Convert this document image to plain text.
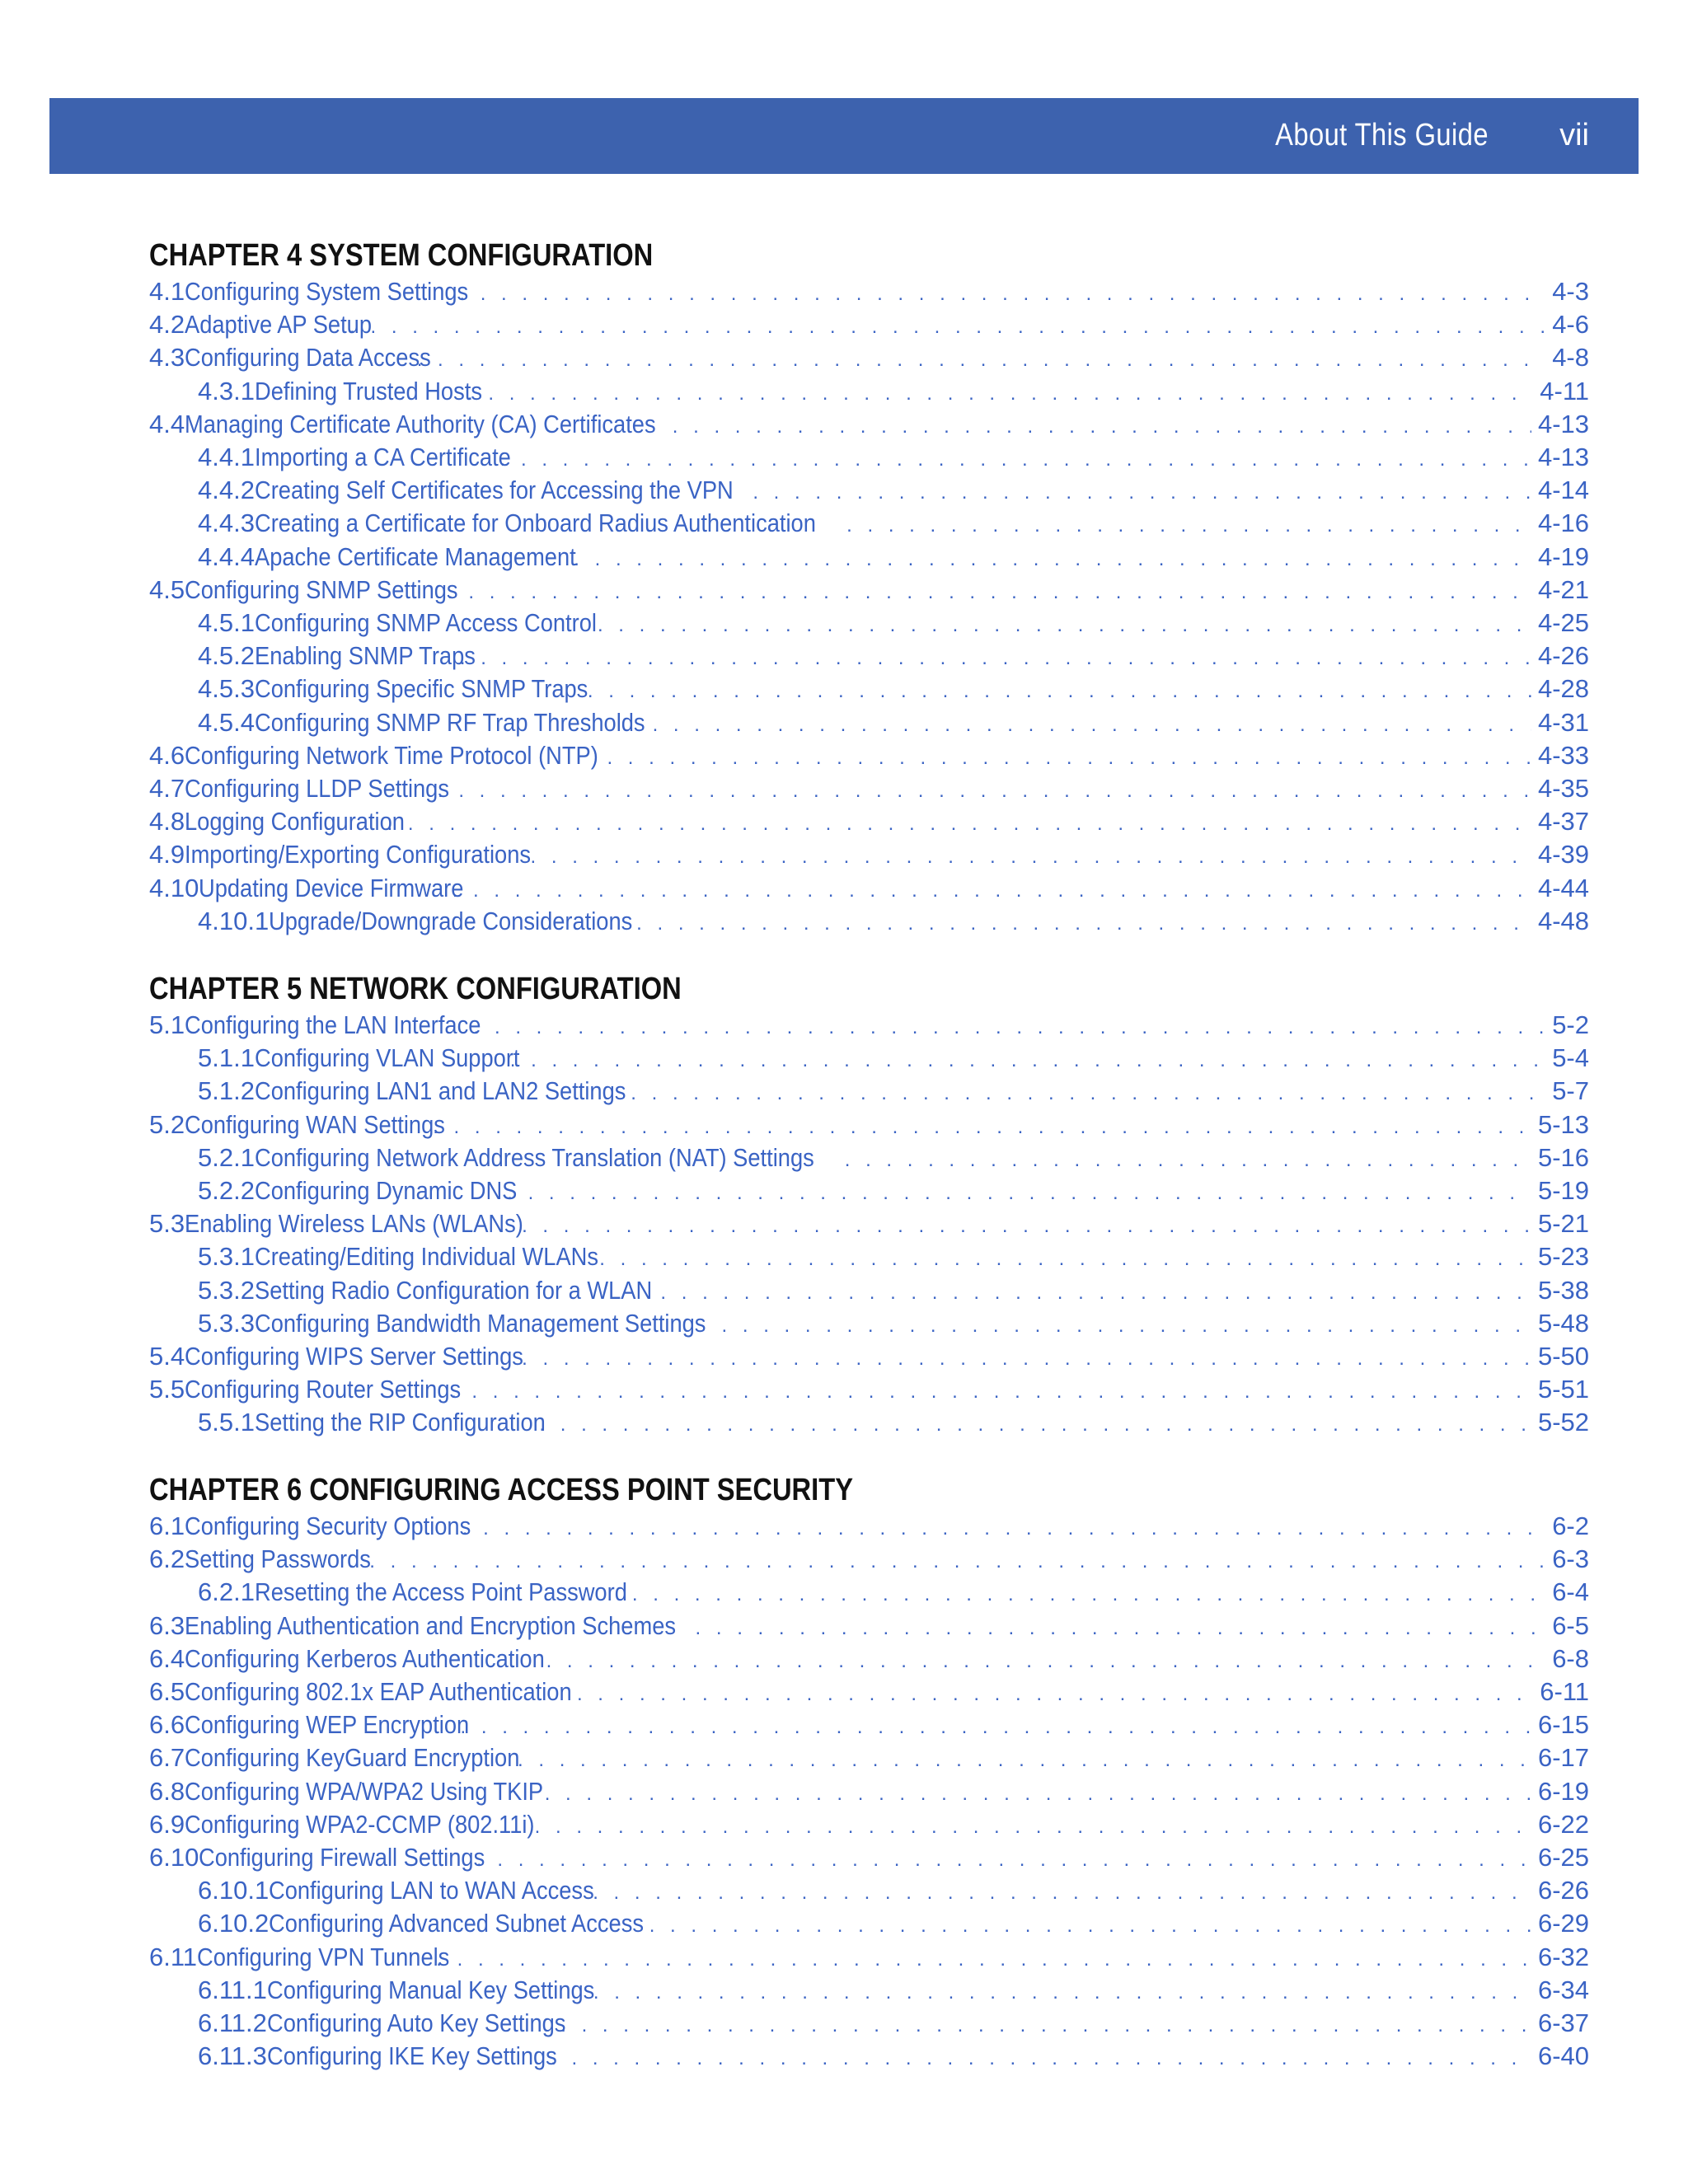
About This Guide vii
CHAPTER 4 SYSTEM CONFIGURATION
4.1 Configuring System Settings . . .	4-3
4.2 Adaptive AP Setup . . .	4-6
4.3 Configuring Data Access . . .	4-8
4.3.1 Defining Trusted Hosts . . .	4-11
4.4 Managing Certificate Authority (CA) Certificates . . .	4-13
4.4.1 Importing a CA Certificate . . .	4-13
4.4.2 Creating Self Certificates for Accessing the VPN . . .	4-14
4.4.3 Creating a Certificate for Onboard Radius Authentication . . .	4-16
4.4.4 Apache Certificate Management . . .	4-19
4.5 Configuring SNMP Settings . . .	4-21
4.5.1 Configuring SNMP Access Control . . .	4-25
4.5.2 Enabling SNMP Traps . . .	4-26
4.5.3 Configuring Specific SNMP Traps . . .	4-28
4.5.4 Configuring SNMP RF Trap Thresholds . . .	4-31
4.6 Configuring Network Time Protocol (NTP) . . .	4-33
4.7 Configuring LLDP Settings . . .	4-35
4.8 Logging Configuration . . .	4-37
4.9 Importing/Exporting Configurations . . .	4-39
4.10 Updating Device Firmware . . .	4-44
4.10.1 Upgrade/Downgrade Considerations . . .	4-48
CHAPTER 5 NETWORK CONFIGURATION
5.1 Configuring the LAN Interface . . .	5-2
5.1.1 Configuring VLAN Support . . .	5-4
5.1.2 Configuring LAN1 and LAN2 Settings . . .	5-7
5.2 Configuring WAN Settings . . .	5-13
5.2.1 Configuring Network Address Translation (NAT) Settings . . .	5-16
5.2.2 Configuring Dynamic DNS . . .	5-19
5.3 Enabling Wireless LANs (WLANs) . . .	5-21
5.3.1 Creating/Editing Individual WLANs . . .	5-23
5.3.2 Setting Radio Configuration for a WLAN . . .	5-38
5.3.3 Configuring Bandwidth Management Settings . . .	5-48
5.4 Configuring WIPS Server Settings . . .	5-50
5.5 Configuring Router Settings . . .	5-51
5.5.1 Setting the RIP Configuration . . .	5-52
CHAPTER 6 CONFIGURING ACCESS POINT SECURITY
6.1 Configuring Security Options . . .	6-2
6.2 Setting Passwords . . .	6-3
6.2.1 Resetting the Access Point Password . . .	6-4
6.3 Enabling Authentication and Encryption Schemes . . .	6-5
6.4 Configuring Kerberos Authentication . . .	6-8
6.5 Configuring 802.1x EAP Authentication . . .	6-11
6.6 Configuring WEP Encryption . . .	6-15
6.7 Configuring KeyGuard Encryption . . .	6-17
6.8 Configuring WPA/WPA2 Using TKIP . . .	6-19
6.9 Configuring WPA2-CCMP (802.11i) . . .	6-22
6.10 Configuring Firewall Settings . . .	6-25
6.10.1 Configuring LAN to WAN Access . . .	6-26
6.10.2 Configuring Advanced Subnet Access . . .	6-29
6.11 Configuring VPN Tunnels . . .	6-32
6.11.1 Configuring Manual Key Settings . . .	6-34
6.11.2 Configuring Auto Key Settings . . .	6-37
6.11.3 Configuring IKE Key Settings . . .	6-40
